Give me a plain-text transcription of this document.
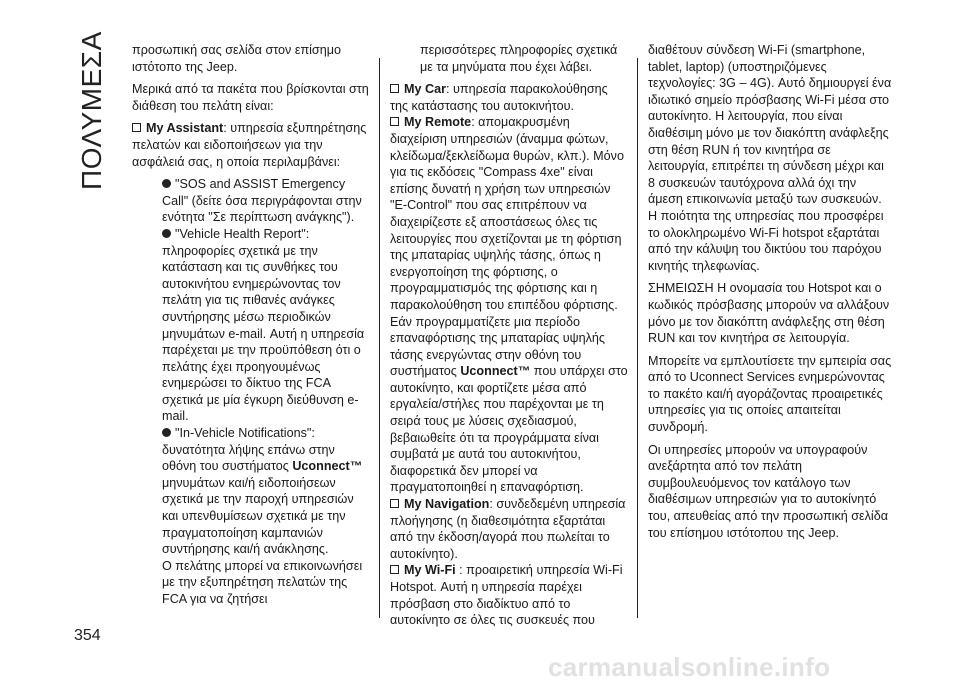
ΠΟΛΥΜΕΣΑ προσωπική σας σελίδα στον επίσημο ιστότοπο της Jeep.

Μερικά από τα πακέτα που βρίσκονται στη διάθεση του πελάτη είναι:

My Assistant: υπηρεσία εξυπηρέτησης πελατών και ειδοποιήσεων για την ασφάλειά σας, η οποία περιλαμβάνει:

"SOS and ASSIST Emergency Call" (δείτε όσα περιγράφονται στην ενότητα "Σε περίπτωση ανάγκης").

"Vehicle Health Report": πληροφορίες σχετικά με την κατάσταση και τις συνθήκες του αυτοκινήτου ενημερώνοντας τον πελάτη για τις πιθανές ανάγκες συντήρησης μέσω περιοδικών μηνυμάτων e-mail. Αυτή η υπηρεσία παρέχεται με την προϋπόθεση ότι ο πελάτης έχει προηγουμένως ενημερώσει το δίκτυο της FCA σχετικά με μία έγκυρη διεύθυνση e-mail.

"In-Vehicle Notifications": δυνατότητα λήψης επάνω στην οθόνη του συστήματος Uconnect™ μηνυμάτων και/ή ειδοποιήσεων σχετικά με την παροχή υπηρεσιών και υπενθυμίσεων σχετικά με την πραγματοποίηση καμπανιών συντήρησης και/ή ανάκλησης.

Ο πελάτης μπορεί να επικοινωνήσει με την εξυπηρέτηση πελατών της FCA για να ζητήσει

περισσότερες πληροφορίες σχετικά με τα μηνύματα που έχει λάβει.

My Car: υπηρεσία παρακολούθησης της κατάστασης του αυτοκινήτου.

My Remote: απομακρυσμένη διαχείριση υπηρεσιών (άναμμα φώτων, κλείδωμα/ξεκλείδωμα θυρών, κλπ.). Μόνο για τις εκδόσεις "Compass 4xe" είναι επίσης δυνατή η χρήση των υπηρεσιών "E-Control" που σας επιτρέπουν να διαχειρίζεστε εξ αποστάσεως όλες τις λειτουργίες που σχετίζονται με τη φόρτιση της μπαταρίας υψηλής τάσης, όπως η ενεργοποίηση της φόρτισης, ο προγραμματισμός της φόρτισης και η παρακολούθηση του επιπέδου φόρτισης. Εάν προγραμματίζετε μια περίοδο επαναφόρτισης της μπαταρίας υψηλής τάσης ενεργώντας στην οθόνη του συστήματος Uconnect™ που υπάρχει στο αυτοκίνητο, και φορτίζετε μέσα από εργαλεία/στήλες που παρέχονται με τη σειρά τους με λύσεις σχεδιασμού, βεβαιωθείτε ότι τα προγράμματα είναι συμβατά με αυτά του αυτοκινήτου, διαφορετικά δεν μπορεί να πραγματοποιηθεί η επαναφόρτιση.

My Navigation: συνδεδεμένη υπηρεσία πλοήγησης (η διαθεσιμότητα εξαρτάται από την έκδοση/αγορά που πωλείται το αυτοκίνητο).

My Wi-Fi : προαιρετική υπηρεσία Wi-Fi Hotspot. Αυτή η υπηρεσία παρέχει πρόσβαση στο διαδίκτυο από το αυτοκίνητο σε όλες τις συσκευές που

διαθέτουν σύνδεση Wi-Fi (smartphone, tablet, laptop) (υποστηριζόμενες τεχνολογίες: 3G – 4G). Αυτό δημιουργεί ένα ιδιωτικό σημείο πρόσβασης Wi-Fi μέσα στο αυτοκίνητο. Η λειτουργία, που είναι διαθέσιμη μόνο με τον διακόπτη ανάφλεξης στη θέση RUN ή τον κινητήρα σε λειτουργία, επιτρέπει τη σύνδεση μέχρι και 8 συσκευών ταυτόχρονα αλλά όχι την άμεση επικοινωνία μεταξύ των συσκευών. Η ποιότητα της υπηρεσίας που προσφέρει το ολοκληρωμένο Wi-Fi hotspot εξαρτάται από την κάλυψη του δικτύου του παρόχου κινητής τηλεφωνίας.

ΣΗΜΕΙΩΣΗ Η ονομασία του Hotspot και ο κωδικός πρόσβασης μπορούν να αλλάξουν μόνο με τον διακόπτη ανάφλεξης στη θέση RUN και τον κινητήρα σε λειτουργία.

Μπορείτε να εμπλουτίσετε την εμπειρία σας από το Uconnect Services ενημερώνοντας το πακέτο και/ή αγοράζοντας προαιρετικές υπηρεσίες για τις οποίες απαιτείται συνδρομή.

Οι υπηρεσίες μπορούν να υπογραφούν ανεξάρτητα από τον πελάτη συμβουλευόμενος τον κατάλογο των διαθέσιμων υπηρεσιών για το αυτοκίνητό του, απευθείας από την προσωπική σελίδα του επίσημου ιστότοπου της Jeep.

354
carmanualsonline.info
